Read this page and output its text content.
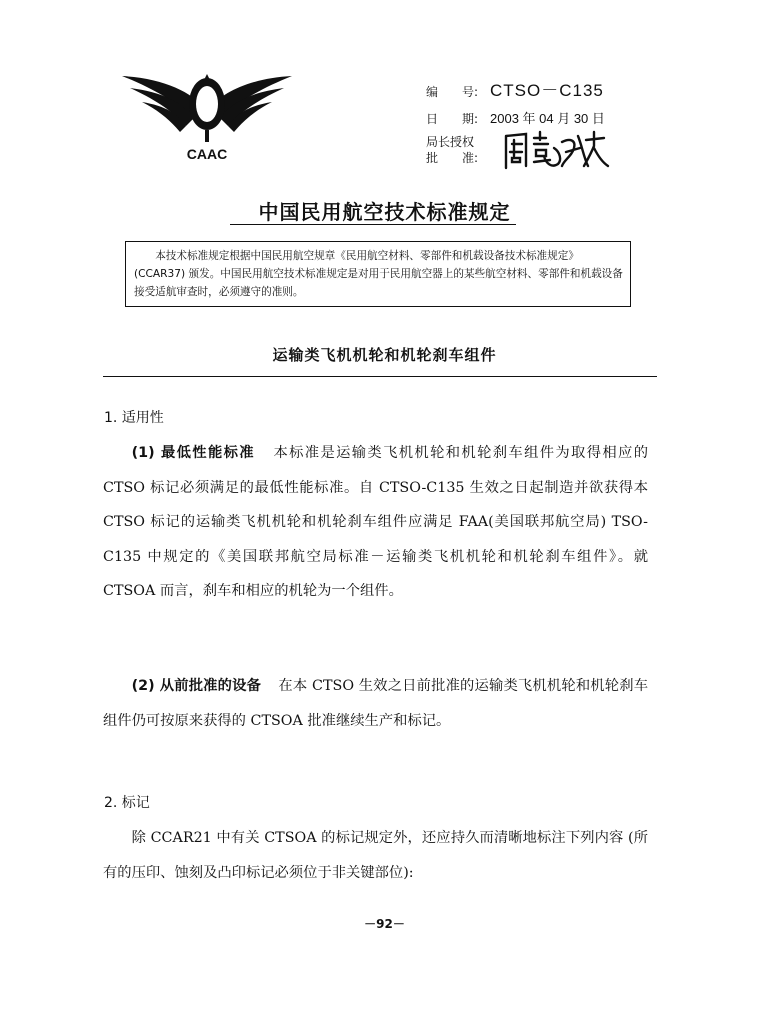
CAAC
编　　号: CTSO－C135
日　　期: 2003 年 04 月 30 日
局长授权
批　　准:
中国民用航空技术标准规定
本技术标准规定根据中国民用航空规章《民用航空材料、零部件和机载设备技术标准规定》(CCAR37) 颁发。中国民用航空技术标准规定是对用于民用航空器上的某些航空材料、零部件和机载设备接受适航审查时，必须遵守的准则。
运输类飞机机轮和机轮刹车组件
1. 适用性
(1) 最低性能标准 本标准是运输类飞机机轮和机轮刹车组件为取得相应的 CTSO 标记必须满足的最低性能标准。自 CTSO-C135 生效之日起制造并欲获得本 CTSO 标记的运输类飞机机轮和机轮刹车组件应满足 FAA(美国联邦航空局) TSO-C135 中规定的《美国联邦航空局标准－运输类飞机机轮和机轮刹车组件》。就 CTSOA 而言，刹车和相应的机轮为一个组件。
(2) 从前批准的设备 在本 CTSO 生效之日前批准的运输类飞机机轮和机轮刹车组件仍可按原来获得的 CTSOA 批准继续生产和标记。
2. 标记
除 CCAR21 中有关 CTSOA 的标记规定外，还应持久而清晰地标注下列内容 (所有的压印、蚀刻及凸印标记必须位于非关键部位):
－92－
